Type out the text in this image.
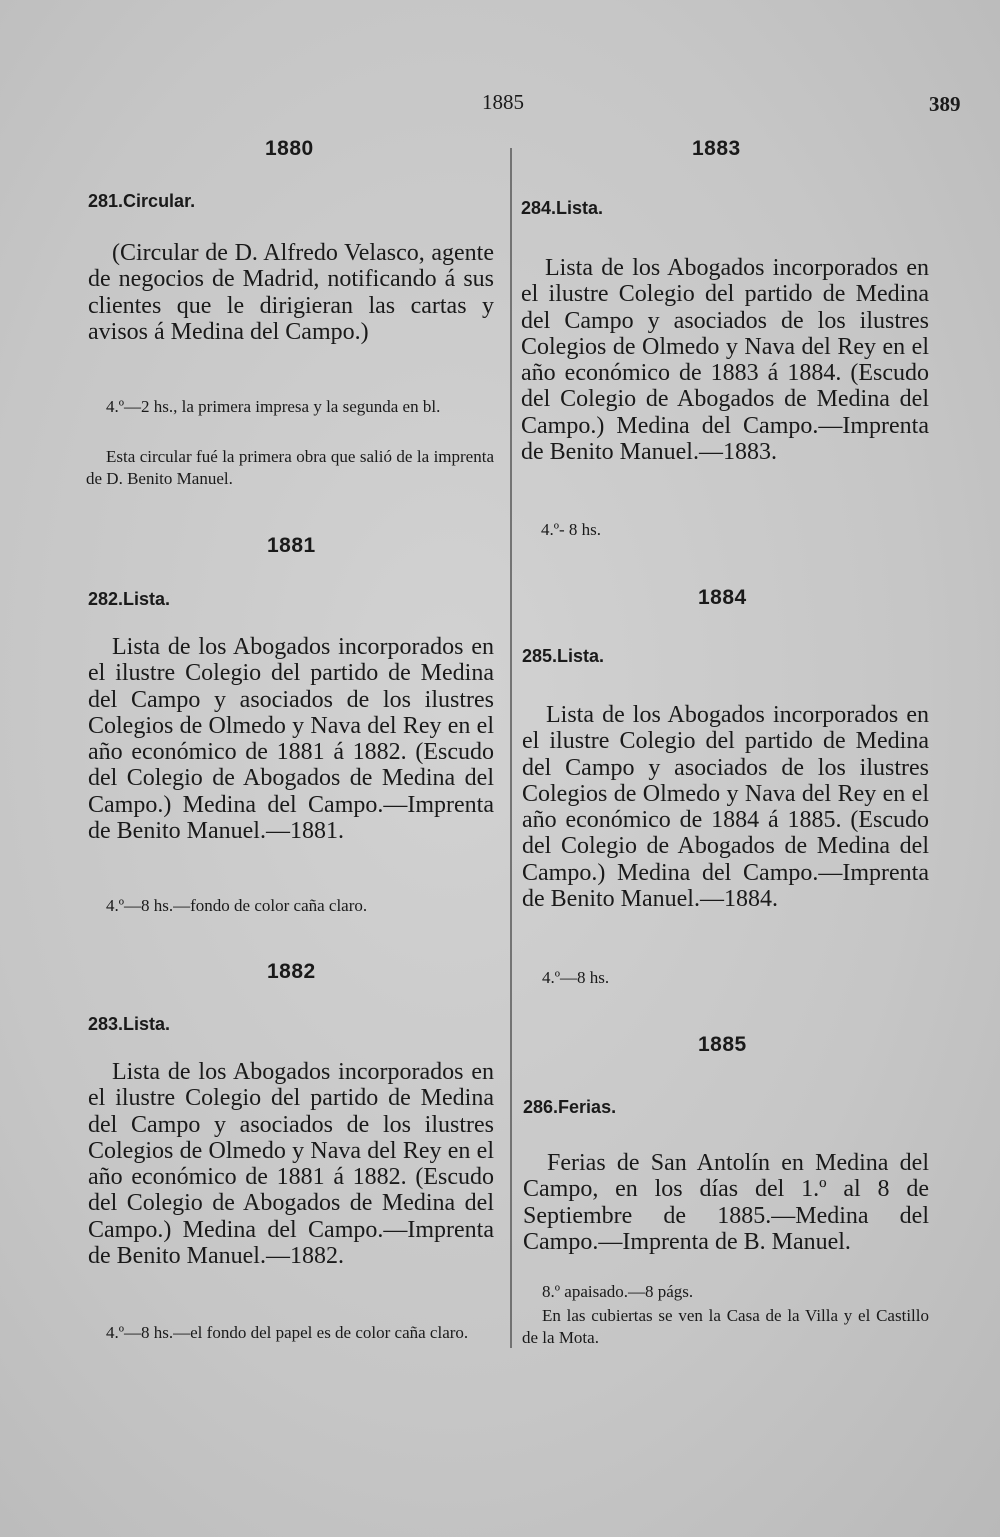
1885	389
1880
281.Circular.

(Circular de D. Alfredo Velasco, agente de negocios de Madrid, notificando á sus clientes que le dirigieran las cartas y avisos á Medina del Campo.)

4.º—2 hs., la primera impresa y la segunda en bl.

Esta circular fué la primera obra que salió de la imprenta de D. Benito Manuel.

1881
282.Lista.

Lista de los Abogados incorporados en el ilustre Colegio del partido de Medina del Campo y asociados de los ilustres Colegios de Olmedo y Nava del Rey en el año económico de 1881 á 1882. (Escudo del Colegio de Abogados de Medina del Campo.) Medina del Campo.—Imprenta de Benito Manuel.—1881.

4.º—8 hs.—fondo de color caña claro.

1882
283.Lista.

Lista de los Abogados incorporados en el ilustre Colegio del partido de Medina del Campo y asociados de los ilustres Colegios de Olmedo y Nava del Rey en el año económico de 1881 á 1882. (Escudo del Colegio de Abogados de Medina del Campo.) Medina del Campo.—Imprenta de Benito Manuel.—1882.

4.º—8 hs.—el fondo del papel es de color caña claro.

1883
284.Lista.

Lista de los Abogados incorporados en el ilustre Colegio del partido de Medina del Campo y asociados de los ilustres Colegios de Olmedo y Nava del Rey en el año económico de 1883 á 1884. (Escudo del Colegio de Abogados de Medina del Campo.) Medina del Campo.—Imprenta de Benito Manuel.—1883.

4.º- 8 hs.

1884
285.Lista.

Lista de los Abogados incorporados en el ilustre Colegio del partido de Medina del Campo y asociados de los ilustres Colegios de Olmedo y Nava del Rey en el año económico de 1884 á 1885. (Escudo del Colegio de Abogados de Medina del Campo.) Medina del Campo.—Imprenta de Benito Manuel.—1884.

4.º—8 hs.

1885
286.Ferias.

Ferias de San Antolín en Medina del Campo, en los días del 1.º al 8 de Septiembre de 1885.—Medina del Campo.—Imprenta de B. Manuel.

8.º apaisado.—8 págs.

En las cubiertas se ven la Casa de la Villa y el Castillo de la Mota.
